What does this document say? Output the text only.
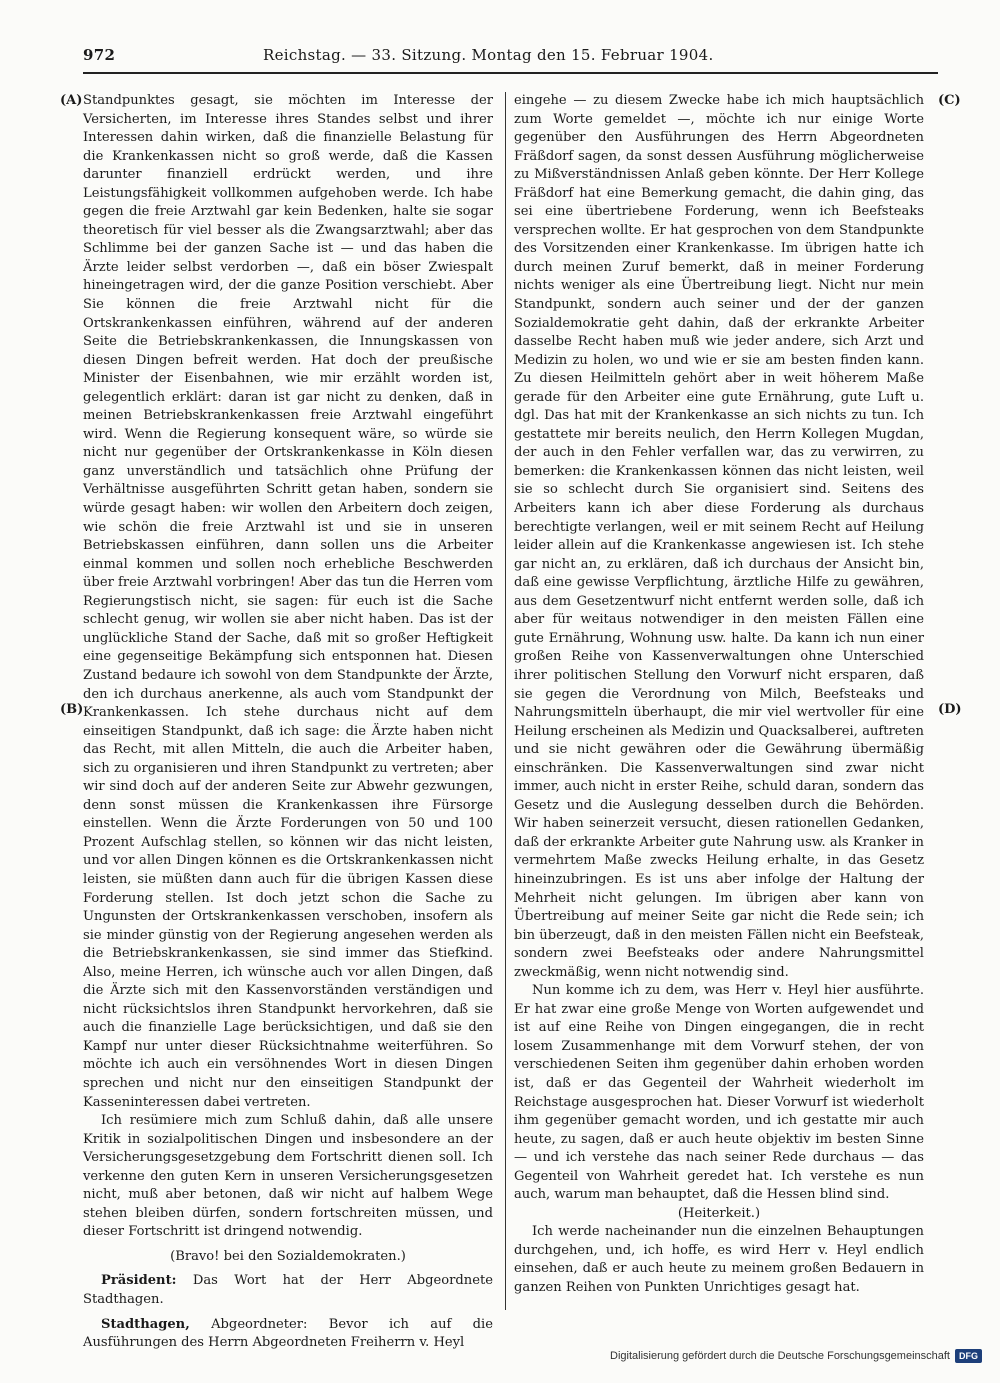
972	Reichstag. — 33. Sitzung. Montag den 15. Februar 1904.
(A)
(B)
(C)
(D)

Standpunktes gesagt, sie möchten im Interesse der Versicherten, im Interesse ihres Standes selbst und ihrer Interessen dahin wirken, daß die finanzielle Belastung für die Krankenkassen nicht so groß werde, daß die Kassen darunter finanziell erdrückt werden, und ihre Leistungsfähigkeit vollkommen aufgehoben werde. Ich habe gegen die freie Arztwahl gar kein Bedenken, halte sie sogar theoretisch für viel besser als die Zwangsarztwahl; aber das Schlimme bei der ganzen Sache ist — und das haben die Ärzte leider selbst verdorben —, daß ein böser Zwiespalt hineingetragen wird, der die ganze Position verschiebt. Aber Sie können die freie Arztwahl nicht für die Ortskrankenkassen einführen, während auf der anderen Seite die Betriebskrankenkassen, die Innungskassen von diesen Dingen befreit werden. Hat doch der preußische Minister der Eisenbahnen, wie mir erzählt worden ist, gelegentlich erklärt: daran ist gar nicht zu denken, daß in meinen Betriebskrankenkassen freie Arztwahl eingeführt wird. Wenn die Regierung konsequent wäre, so würde sie nicht nur gegenüber der Ortskrankenkasse in Köln diesen ganz unverständlich und tatsächlich ohne Prüfung der Verhältnisse ausgeführten Schritt getan haben, sondern sie würde gesagt haben: wir wollen den Arbeitern doch zeigen, wie schön die freie Arztwahl ist und sie in unseren Betriebskassen einführen, dann sollen uns die Arbeiter einmal kommen und sollen noch erhebliche Beschwerden über freie Arztwahl vorbringen! Aber das tun die Herren vom Regierungstisch nicht, sie sagen: für euch ist die Sache schlecht genug, wir wollen sie aber nicht haben. Das ist der unglückliche Stand der Sache, daß mit so großer Heftigkeit eine gegenseitige Bekämpfung sich entsponnen hat. Diesen Zustand bedaure ich sowohl von dem Standpunkte der Ärzte, den ich durchaus anerkenne, als auch vom Standpunkt der Krankenkassen. Ich stehe durchaus nicht auf dem einseitigen Standpunkt, daß ich sage: die Ärzte haben nicht das Recht, mit allen Mitteln, die auch die Arbeiter haben, sich zu organisieren und ihren Standpunkt zu vertreten; aber wir sind doch auf der anderen Seite zur Abwehr gezwungen, denn sonst müssen die Krankenkassen ihre Fürsorge einstellen. Wenn die Ärzte Forderungen von 50 und 100 Prozent Aufschlag stellen, so können wir das nicht leisten, und vor allen Dingen können es die Ortskrankenkassen nicht leisten, sie müßten dann auch für die übrigen Kassen diese Forderung stellen. Ist doch jetzt schon die Sache zu Ungunsten der Ortskrankenkassen verschoben, insofern als sie minder günstig von der Regierung angesehen werden als die Betriebskrankenkassen, sie sind immer das Stiefkind. Also, meine Herren, ich wünsche auch vor allen Dingen, daß die Ärzte sich mit den Kassenvorständen verständigen und nicht rücksichtslos ihren Standpunkt hervorkehren, daß sie auch die finanzielle Lage berücksichtigen, und daß sie den Kampf nur unter dieser Rücksichtnahme weiterführen. So möchte ich auch ein versöhnendes Wort in diesen Dingen sprechen und nicht nur den einseitigen Standpunkt der Kasseninteressen dabei vertreten.

Ich resümiere mich zum Schluß dahin, daß alle unsere Kritik in sozialpolitischen Dingen und insbesondere an der Versicherungsgesetzgebung dem Fortschritt dienen soll. Ich verkenne den guten Kern in unseren Versicherungsgesetzen nicht, muß aber betonen, daß wir nicht auf halbem Wege stehen bleiben dürfen, sondern fortschreiten müssen, und dieser Fortschritt ist dringend notwendig.

(Bravo! bei den Sozialdemokraten.)

Präsident: Das Wort hat der Herr Abgeordnete Stadthagen.

Stadthagen, Abgeordneter: Bevor ich auf die Ausführungen des Herrn Abgeordneten Freiherrn v. Heyl

eingehe — zu diesem Zwecke habe ich mich hauptsächlich zum Worte gemeldet —, möchte ich nur einige Worte gegenüber den Ausführungen des Herrn Abgeordneten Fräßdorf sagen, da sonst dessen Ausführung möglicherweise zu Mißverständnissen Anlaß geben könnte. Der Herr Kollege Fräßdorf hat eine Bemerkung gemacht, die dahin ging, das sei eine übertriebene Forderung, wenn ich Beefsteaks versprechen wollte. Er hat gesprochen von dem Standpunkte des Vorsitzenden einer Krankenkasse. Im übrigen hatte ich durch meinen Zuruf bemerkt, daß in meiner Forderung nichts weniger als eine Übertreibung liegt. Nicht nur mein Standpunkt, sondern auch seiner und der der ganzen Sozialdemokratie geht dahin, daß der erkrankte Arbeiter dasselbe Recht haben muß wie jeder andere, sich Arzt und Medizin zu holen, wo und wie er sie am besten finden kann. Zu diesen Heilmitteln gehört aber in weit höherem Maße gerade für den Arbeiter eine gute Ernährung, gute Luft u. dgl. Das hat mit der Krankenkasse an sich nichts zu tun. Ich gestattete mir bereits neulich, den Herrn Kollegen Mugdan, der auch in den Fehler verfallen war, das zu verwirren, zu bemerken: die Krankenkassen können das nicht leisten, weil sie so schlecht durch Sie organisiert sind. Seitens des Arbeiters kann ich aber diese Forderung als durchaus berechtigte verlangen, weil er mit seinem Recht auf Heilung leider allein auf die Krankenkasse angewiesen ist. Ich stehe gar nicht an, zu erklären, daß ich durchaus der Ansicht bin, daß eine gewisse Verpflichtung, ärztliche Hilfe zu gewähren, aus dem Gesetzentwurf nicht entfernt werden solle, daß ich aber für weitaus notwendiger in den meisten Fällen eine gute Ernährung, Wohnung usw. halte. Da kann ich nun einer großen Reihe von Kassenverwaltungen ohne Unterschied ihrer politischen Stellung den Vorwurf nicht ersparen, daß sie gegen die Verordnung von Milch, Beefsteaks und Nahrungsmitteln überhaupt, die mir viel wertvoller für eine Heilung erscheinen als Medizin und Quacksalberei, auftreten und sie nicht gewähren oder die Gewährung übermäßig einschränken. Die Kassenverwaltungen sind zwar nicht immer, auch nicht in erster Reihe, schuld daran, sondern das Gesetz und die Auslegung desselben durch die Behörden. Wir haben seinerzeit versucht, diesen rationellen Gedanken, daß der erkrankte Arbeiter gute Nahrung usw. als Kranker in vermehrtem Maße zwecks Heilung erhalte, in das Gesetz hineinzubringen. Es ist uns aber infolge der Haltung der Mehrheit nicht gelungen. Im übrigen aber kann von Übertreibung auf meiner Seite gar nicht die Rede sein; ich bin überzeugt, daß in den meisten Fällen nicht ein Beefsteak, sondern zwei Beefsteaks oder andere Nahrungsmittel zweckmäßig, wenn nicht notwendig sind.

Nun komme ich zu dem, was Herr v. Heyl hier ausführte. Er hat zwar eine große Menge von Worten aufgewendet und ist auf eine Reihe von Dingen eingegangen, die in recht losem Zusammenhange mit dem Vorwurf stehen, der von verschiedenen Seiten ihm gegenüber dahin erhoben worden ist, daß er das Gegenteil der Wahrheit wiederholt im Reichstage ausgesprochen hat. Dieser Vorwurf ist wiederholt ihm gegenüber gemacht worden, und ich gestatte mir auch heute, zu sagen, daß er auch heute objektiv im besten Sinne — und ich verstehe das nach seiner Rede durchaus — das Gegenteil von Wahrheit geredet hat. Ich verstehe es nun auch, warum man behauptet, daß die Hessen blind sind.

(Heiterkeit.)

Ich werde nacheinander nun die einzelnen Behauptungen durchgehen, und, ich hoffe, es wird Herr v. Heyl endlich einsehen, daß er auch heute zu meinem großen Bedauern in ganzen Reihen von Punkten Unrichtiges gesagt hat.

Digitalisierung gefördert durch die Deutsche Forschungsgemeinschaft	DFG
